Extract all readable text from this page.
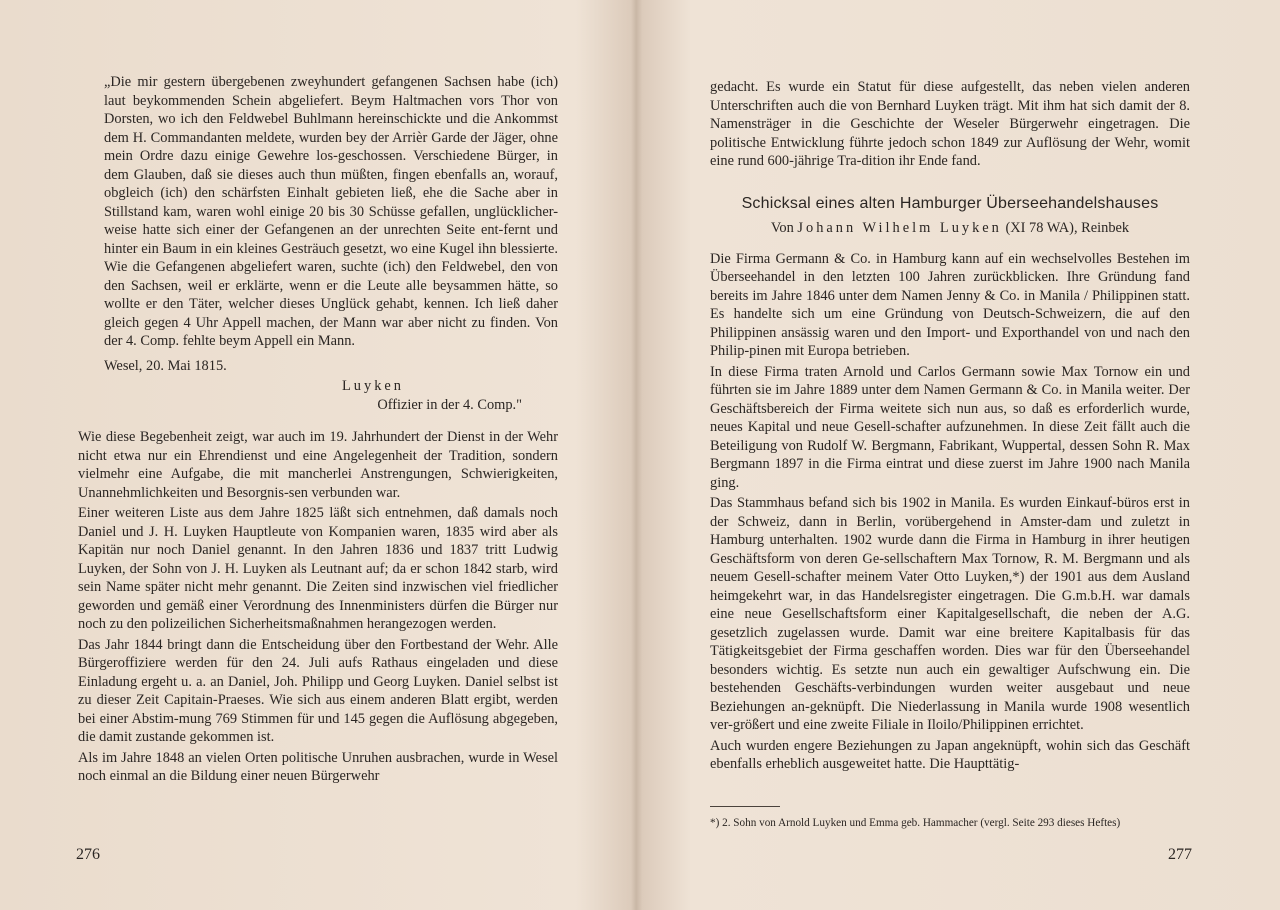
„Die mir gestern übergebenen zweyhundert gefangenen Sachsen habe (ich) laut beykommenden Schein abgeliefert. Beym Haltmachen vors Thor von Dorsten, wo ich den Feldwebel Buhlmann hereinschickte und die Ankommst dem H. Commandanten meldete, wurden bey der Arrièr Garde der Jäger, ohne mein Ordre dazu einige Gewehre los-geschossen. Verschiedene Bürger, in dem Glauben, daß sie dieses auch thun müßten, fingen ebenfalls an, worauf, obgleich (ich) den schärfsten Einhalt gebieten ließ, ehe die Sache aber in Stillstand kam, waren wohl einige 20 bis 30 Schüsse gefallen, unglücklicher-weise hatte sich einer der Gefangenen an der unrechten Seite ent-fernt und hinter ein Baum in ein kleines Gesträuch gesetzt, wo eine Kugel ihn blessierte. Wie die Gefangenen abgeliefert waren, suchte (ich) den Feldwebel, den von den Sachsen, weil er erklärte, wenn er die Leute alle beysammen hätte, so wollte er den Täter, welcher dieses Unglück gehabt, kennen. Ich ließ daher gleich gegen 4 Uhr Appell machen, der Mann war aber nicht zu finden. Von der 4. Comp. fehlte beym Appell ein Mann.

Wesel, 20. Mai 1815.

Luyken

Offizier in der 4. Comp."

Wie diese Begebenheit zeigt, war auch im 19. Jahrhundert der Dienst in der Wehr nicht etwa nur ein Ehrendienst und eine Angelegenheit der Tradition, sondern vielmehr eine Aufgabe, die mit mancherlei Anstrengungen, Schwierigkeiten, Unannehmlichkeiten und Besorgnis-sen verbunden war.

Einer weiteren Liste aus dem Jahre 1825 läßt sich entnehmen, daß damals noch Daniel und J. H. Luyken Hauptleute von Kompanien waren, 1835 wird aber als Kapitän nur noch Daniel genannt. In den Jahren 1836 und 1837 tritt Ludwig Luyken, der Sohn von J. H. Luyken als Leutnant auf; da er schon 1842 starb, wird sein Name später nicht mehr genannt. Die Zeiten sind inzwischen viel friedlicher geworden und gemäß einer Verordnung des Innenministers dürfen die Bürger nur noch zu den polizeilichen Sicherheitsmaßnahmen herangezogen werden.

Das Jahr 1844 bringt dann die Entscheidung über den Fortbestand der Wehr. Alle Bürgeroffiziere werden für den 24. Juli aufs Rathaus eingeladen und diese Einladung ergeht u. a. an Daniel, Joh. Philipp und Georg Luyken. Daniel selbst ist zu dieser Zeit Capitain-Praeses. Wie sich aus einem anderen Blatt ergibt, werden bei einer Abstim-mung 769 Stimmen für und 145 gegen die Auflösung abgegeben, die damit zustande gekommen ist.

Als im Jahre 1848 an vielen Orten politische Unruhen ausbrachen, wurde in Wesel noch einmal an die Bildung einer neuen Bürgerwehr

276

gedacht. Es wurde ein Statut für diese aufgestellt, das neben vielen anderen Unterschriften auch die von Bernhard Luyken trägt. Mit ihm hat sich damit der 8. Namensträger in die Geschichte der Weseler Bürgerwehr eingetragen. Die politische Entwicklung führte jedoch schon 1849 zur Auflösung der Wehr, womit eine rund 600-jährige Tra-dition ihr Ende fand.

Schicksal eines alten Hamburger Überseehandelshauses
Von Johann Wilhelm Luyken (XI 78 WA), Reinbek

Die Firma Germann & Co. in Hamburg kann auf ein wechselvolles Bestehen im Überseehandel in den letzten 100 Jahren zurückblicken. Ihre Gründung fand bereits im Jahre 1846 unter dem Namen Jenny & Co. in Manila / Philippinen statt. Es handelte sich um eine Gründung von Deutsch-Schweizern, die auf den Philippinen ansässig waren und den Import- und Exporthandel von und nach den Philip-pinen mit Europa betrieben.

In diese Firma traten Arnold und Carlos Germann sowie Max Tornow ein und führten sie im Jahre 1889 unter dem Namen Germann & Co. in Manila weiter. Der Geschäftsbereich der Firma weitete sich nun aus, so daß es erforderlich wurde, neues Kapital und neue Gesell-schafter aufzunehmen. In diese Zeit fällt auch die Beteiligung von Rudolf W. Bergmann, Fabrikant, Wuppertal, dessen Sohn R. Max Bergmann 1897 in die Firma eintrat und diese zuerst im Jahre 1900 nach Manila ging.

Das Stammhaus befand sich bis 1902 in Manila. Es wurden Einkauf-büros erst in der Schweiz, dann in Berlin, vorübergehend in Amster-dam und zuletzt in Hamburg unterhalten. 1902 wurde dann die Firma in Hamburg in ihrer heutigen Geschäftsform von deren Ge-sellschaftern Max Tornow, R. M. Bergmann und als neuem Gesell-schafter meinem Vater Otto Luyken,*) der 1901 aus dem Ausland heimgekehrt war, in das Handelsregister eingetragen. Die G.m.b.H. war damals eine neue Gesellschaftsform einer Kapitalgesellschaft, die neben der A.G. gesetzlich zugelassen wurde. Damit war eine breitere Kapitalbasis für das Tätigkeitsgebiet der Firma geschaffen worden. Dies war für den Überseehandel besonders wichtig. Es setzte nun auch ein gewaltiger Aufschwung ein. Die bestehenden Geschäfts-verbindungen wurden weiter ausgebaut und neue Beziehungen an-geknüpft. Die Niederlassung in Manila wurde 1908 wesentlich ver-größert und eine zweite Filiale in Iloilo/Philippinen errichtet.

Auch wurden engere Beziehungen zu Japan angeknüpft, wohin sich das Geschäft ebenfalls erheblich ausgeweitet hatte. Die Haupttätig-

*) 2. Sohn von Arnold Luyken und Emma geb. Hammacher (vergl. Seite 293 dieses Heftes)
277
